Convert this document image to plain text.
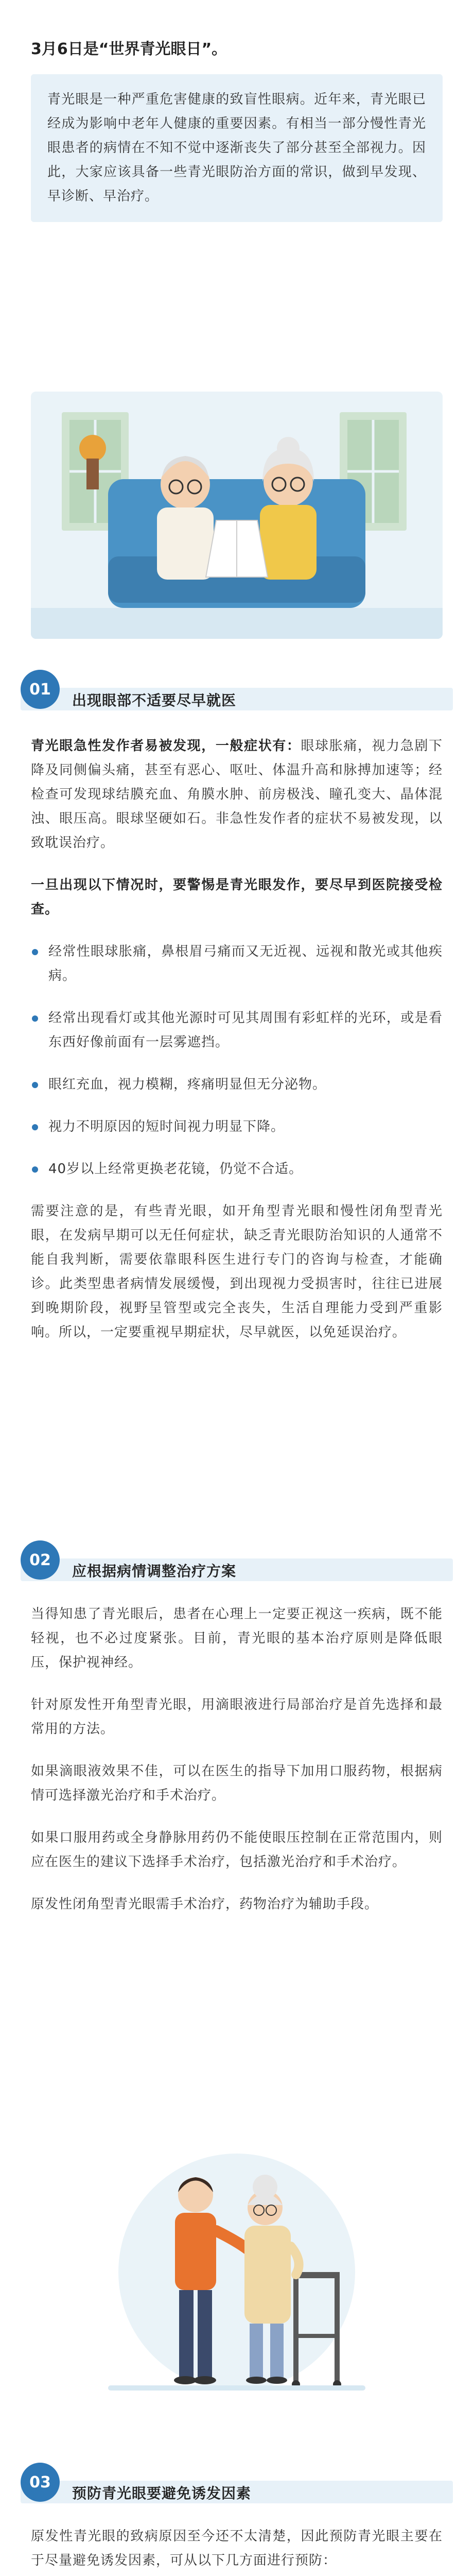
3月6日是“世界青光眼日”。

青光眼是一种严重危害健康的致盲性眼病。近年来，青光眼已经成为影响中老年人健康的重要因素。有相当一部分慢性青光眼患者的病情在不知不觉中逐渐丧失了部分甚至全部视力。因此，大家应该具备一些青光眼防治方面的常识，做到早发现、早诊断、早治疗。

01
出现眼部不适要尽早就医

青光眼急性发作者易被发现，一般症状有：眼球胀痛，视力急剧下降及同侧偏头痛，甚至有恶心、呕吐、体温升高和脉搏加速等；经检查可发现球结膜充血、角膜水肿、前房极浅、瞳孔变大、晶体混浊、眼压高。眼球坚硬如石。非急性发作者的症状不易被发现，以致耽误治疗。

一旦出现以下情况时，要警惕是青光眼发作，要尽早到医院接受检查。

经常性眼球胀痛，鼻根眉弓痛而又无近视、远视和散光或其他疾病。

经常出现看灯或其他光源时可见其周围有彩虹样的光环，或是看东西好像前面有一层雾遮挡。

眼红充血，视力模糊，疼痛明显但无分泌物。

视力不明原因的短时间视力明显下降。

40岁以上经常更换老花镜，仍觉不合适。

需要注意的是，有些青光眼，如开角型青光眼和慢性闭角型青光眼，在发病早期可以无任何症状，缺乏青光眼防治知识的人通常不能自我判断，需要依靠眼科医生进行专门的咨询与检查，才能确诊。此类型患者病情发展缓慢，到出现视力受损害时，往往已进展到晚期阶段，视野呈管型或完全丧失，生活自理能力受到严重影响。所以，一定要重视早期症状，尽早就医，以免延误治疗。

02
应根据病情调整治疗方案

当得知患了青光眼后，患者在心理上一定要正视这一疾病，既不能轻视，也不必过度紧张。目前，青光眼的基本治疗原则是降低眼压，保护视神经。

针对原发性开角型青光眼，用滴眼液进行局部治疗是首先选择和最常用的方法。

如果滴眼液效果不佳，可以在医生的指导下加用口服药物，根据病情可选择激光治疗和手术治疗。

如果口服用药或全身静脉用药仍不能使眼压控制在正常范围内，则应在医生的建议下选择手术治疗，包括激光治疗和手术治疗。

原发性闭角型青光眼需手术治疗，药物治疗为辅助手段。

03
预防青光眼要避免诱发因素

原发性青光眼的致病原因至今还不太清楚，因此预防青光眼主要在于尽量避免诱发因素，可从以下几方面进行预防：
